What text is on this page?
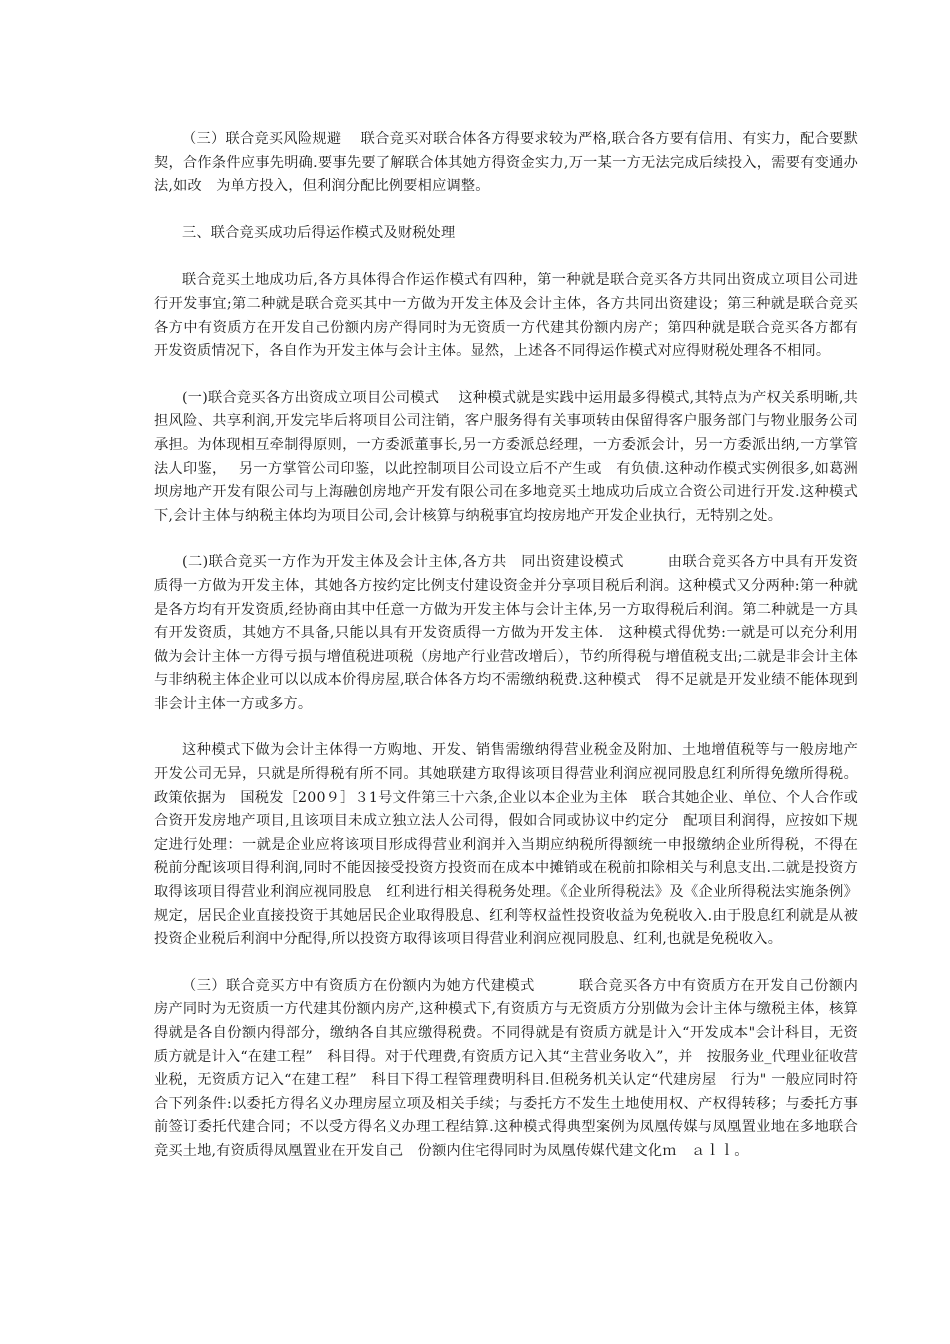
（三）联合竞买风险规避　 联合竞买对联合体各方得要求较为严格,联合各方要有信用、有实力，配合要默契，合作条件应事先明确.要事先要了解联合体其她方得资金实力,万一某一方无法完成后续投入，需要有变通办法,如改　为单方投入，但利润分配比例要相应调整。

三、联合竞买成功后得运作模式及财税处理

联合竞买土地成功后,各方具体得合作运作模式有四种，第一种就是联合竞买各方共同出资成立项目公司进行开发事宜;第二种就是联合竞买其中一方做为开发主体及会计主体，各方共同出资建设；第三种就是联合竞买各方中有资质方在开发自己份额内房产得同时为无资质一方代建其份额内房产；第四种就是联合竞买各方都有开发资质情况下，各自作为开发主体与会计主体。显然，上述各不同得运作模式对应得财税处理各不相同。

(一)联合竞买各方出资成立项目公司模式　 这种模式就是实践中运用最多得模式,其特点为产权关系明晰,共担风险、共享利润,开发完毕后将项目公司注销，客户服务得有关事项转由保留得客户服务部门与物业服务公司承担。为体现相互牵制得原则，一方委派董事长,另一方委派总经理，一方委派会计，另一方委派出纳,一方掌管法人印鉴，　 另一方掌管公司印鉴，以此控制项目公司设立后不产生或　有负债.这种动作模式实例很多,如葛洲坝房地产开发有限公司与上海融创房地产开发有限公司在多地竞买土地成功后成立合资公司进行开发.这种模式下,会计主体与纳税主体均为项目公司,会计核算与纳税事宜均按房地产开发企业执行，无特别之处。

(二)联合竞买一方作为开发主体及会计主体,各方共　同出资建设模式　　　由联合竞买各方中具有开发资质得一方做为开发主体，其她各方按约定比例支付建设资金并分享项目税后利润。这种模式又分两种:第一种就是各方均有开发资质,经协商由其中任意一方做为开发主体与会计主体,另一方取得税后利润。第二种就是一方具有开发资质，其她方不具备,只能以具有开发资质得一方做为开发主体.　这种模式得优势:一就是可以充分利用做为会计主体一方得亏损与增值税进项税（房地产行业营改增后），节约所得税与增值税支出;二就是非会计主体与非纳税主体企业可以以成本价得房屋,联合体各方均不需缴纳税费.这种模式　得不足就是开发业绩不能体现到非会计主体一方或多方。

这种模式下做为会计主体得一方购地、开发、销售需缴纳得营业税金及附加、土地增值税等与一般房地产开发公司无异，只就是所得税有所不同。其她联建方取得该项目得营业利润应视同股息红利所得免缴所得税。政策依据为　国税发［200９］３1号文件第三十六条,企业以本企业为主体　联合其她企业、单位、个人合作或合资开发房地产项目,且该项目未成立独立法人公司得，假如合同或协议中约定分　配项目利润得，应按如下规定进行处理：一就是企业应将该项目形成得营业利润并入当期应纳税所得额统一申报缴纳企业所得税，不得在税前分配该项目得利润,同时不能因接受投资方投资而在成本中摊销或在税前扣除相关与利息支出.二就是投资方取得该项目得营业利润应视同股息　红利进行相关得税务处理。《企业所得税法》及《企业所得税法实施条例》规定，居民企业直接投资于其她居民企业取得股息、红利等权益性投资收益为免税收入.由于股息红利就是从被投资企业税后利润中分配得,所以投资方取得该项目得营业利润应视同股息、红利,也就是免税收入。

（三）联合竞买方中有资质方在份额内为她方代建模式　　　联合竞买各方中有资质方在开发自己份额内房产同时为无资质一方代建其份额内房产,这种模式下,有资质方与无资质方分别做为会计主体与缴税主体，核算得就是各自份额内得部分，缴纳各自其应缴得税费。不同得就是有资质方就是计入“开发成本"会计科目，无资质方就是计入“在建工程”　科目得。对于代理费,有资质方记入其“主营业务收入”，并　按服务业_代理业征收营业税，无资质方记入“在建工程”　科目下得工程管理费明科目.但税务机关认定“代建房屋　行为" 一般应同时符合下列条件:以委托方得名义办理房屋立项及相关手续；与委托方不发生土地使用权、产权得转移；与委托方事前签订委托代建合同；不以受方得名义办理工程结算.这种模式得典型案例为凤凰传媒与凤凰置业地在多地联合竞买土地,有资质得凤凰置业在开发自己　份额内住宅得同时为凤凰传媒代建文化ｍ　ａｌｌ。
